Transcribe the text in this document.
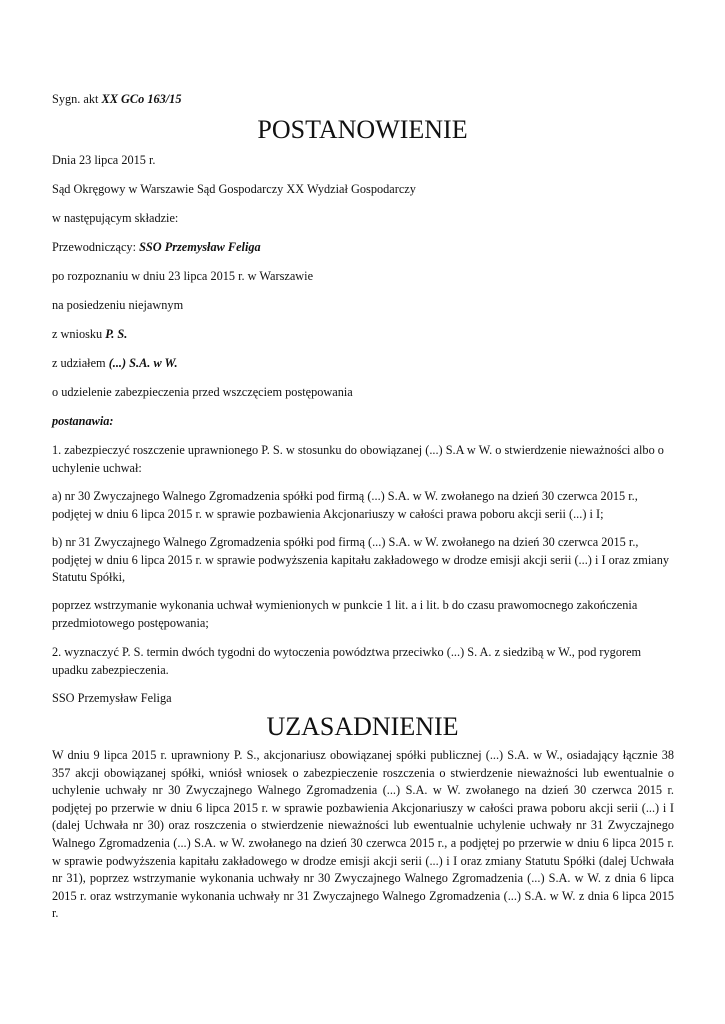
Sygn. akt XX GCo 163/15
POSTANOWIENIE
Dnia 23 lipca 2015 r.
Sąd Okręgowy w Warszawie Sąd Gospodarczy XX Wydział Gospodarczy
w następującym składzie:
Przewodniczący: SSO Przemysław Feliga
po rozpoznaniu w dniu 23 lipca 2015 r. w Warszawie
na posiedzeniu niejawnym
z wniosku P. S.
z udziałem (...) S.A. w W.
o udzielenie zabezpieczenia przed wszczęciem postępowania
postanawia:
1. zabezpieczyć roszczenie uprawnionego P. S. w stosunku do obowiązanej (...) S.A w W. o stwierdzenie nieważności albo o uchylenie uchwał:
a) nr 30 Zwyczajnego Walnego Zgromadzenia spółki pod firmą (...) S.A. w W. zwołanego na dzień 30 czerwca 2015 r., podjętej w dniu 6 lipca 2015 r. w sprawie pozbawienia Akcjonariuszy w całości prawa poboru akcji serii (...) i I;
b) nr 31 Zwyczajnego Walnego Zgromadzenia spółki pod firmą (...) S.A. w W. zwołanego na dzień 30 czerwca 2015 r., podjętej w dniu 6 lipca 2015 r. w sprawie podwyższenia kapitału zakładowego w drodze emisji akcji serii (...) i I oraz zmiany Statutu Spółki,
poprzez wstrzymanie wykonania uchwał wymienionych w punkcie 1 lit. a i lit. b do czasu prawomocnego zakończenia przedmiotowego postępowania;
2. wyznaczyć P. S. termin dwóch tygodni do wytoczenia powództwa przeciwko (...) S. A. z siedzibą w W., pod rygorem upadku zabezpieczenia.
SSO Przemysław Feliga
UZASADNIENIE
W dniu 9 lipca 2015 r. uprawniony P. S., akcjonariusz obowiązanej spółki publicznej (...) S.A. w W., osiadający łącznie 38 357 akcji obowiązanej spółki, wniósł wniosek o zabezpieczenie roszczenia o stwierdzenie nieważności lub ewentualnie o uchylenie uchwały nr 30 Zwyczajnego Walnego Zgromadzenia (...) S.A. w W. zwołanego na dzień 30 czerwca 2015 r. podjętej po przerwie w dniu 6 lipca 2015 r. w sprawie pozbawienia Akcjonariuszy w całości prawa poboru akcji serii (...) i I (dalej Uchwała nr 30) oraz roszczenia o stwierdzenie nieważności lub ewentualnie uchylenie uchwały nr 31 Zwyczajnego Walnego Zgromadzenia (...) S.A. w W. zwołanego na dzień 30 czerwca 2015 r., a podjętej po przerwie w dniu 6 lipca 2015 r. w sprawie podwyższenia kapitału zakładowego w drodze emisji akcji serii (...) i I oraz zmiany Statutu Spółki (dalej Uchwała nr 31), poprzez wstrzymanie wykonania uchwały nr 30 Zwyczajnego Walnego Zgromadzenia (...) S.A. w W. z dnia 6 lipca 2015 r. oraz wstrzymanie wykonania uchwały nr 31 Zwyczajnego Walnego Zgromadzenia (...) S.A. w W. z dnia 6 lipca 2015 r.
